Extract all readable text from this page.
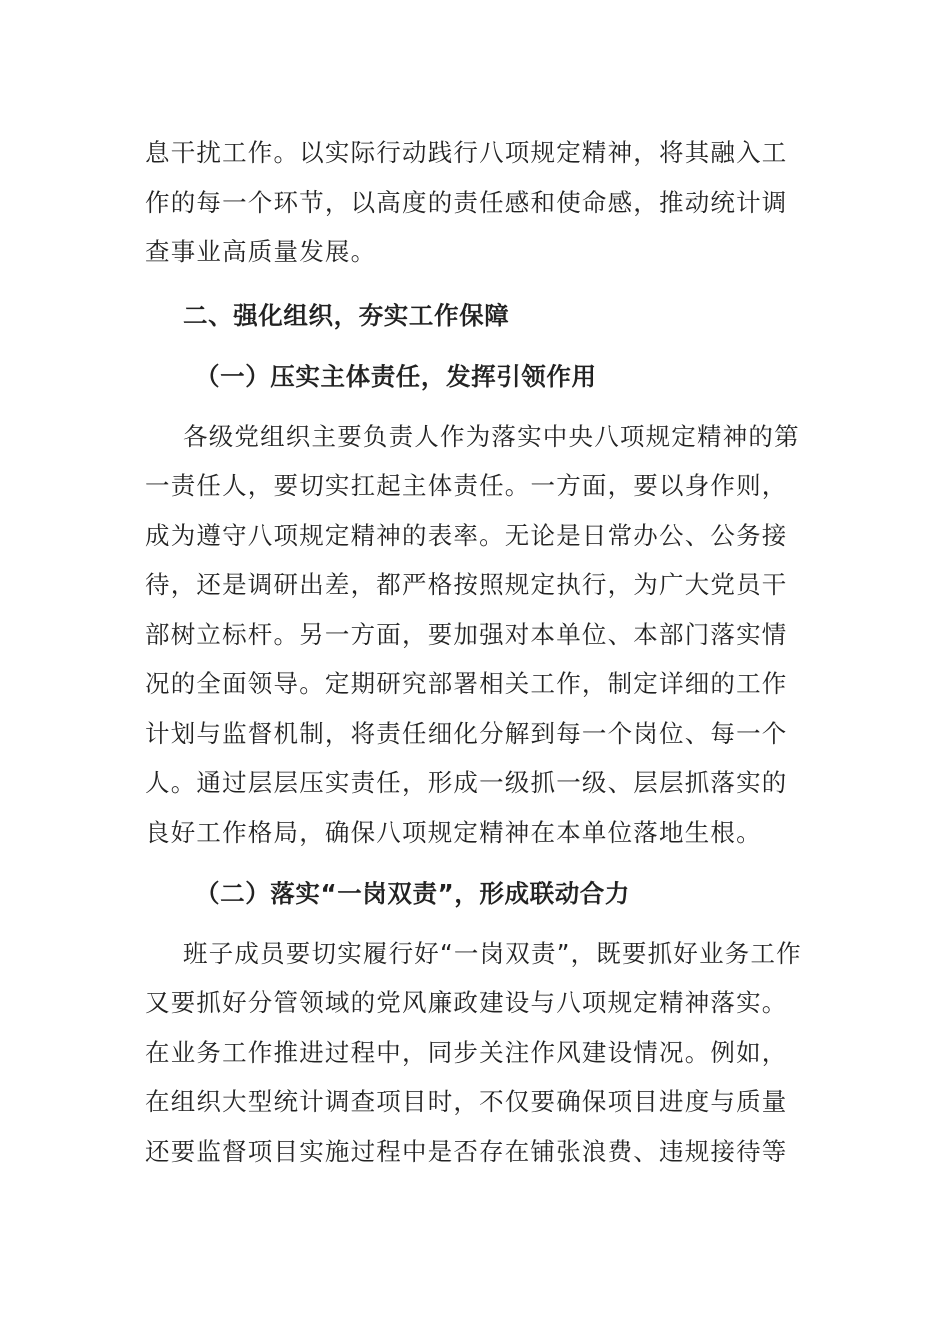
息干扰工作。以实际行动践行八项规定精神，将其融入工
作的每一个环节，以高度的责任感和使命感，推动统计调
查事业高质量发展。
二、强化组织，夯实工作保障
（一）压实主体责任，发挥引领作用
各级党组织主要负责人作为落实中央八项规定精神的第
一责任人，要切实扛起主体责任。一方面，要以身作则，
成为遵守八项规定精神的表率。无论是日常办公、公务接
待，还是调研出差，都严格按照规定执行，为广大党员干
部树立标杆。另一方面，要加强对本单位、本部门落实情
况的全面领导。定期研究部署相关工作，制定详细的工作
计划与监督机制，将责任细化分解到每一个岗位、每一个
人。通过层层压实责任，形成一级抓一级、层层抓落实的
良好工作格局，确保八项规定精神在本单位落地生根。
（二）落实“一岗双责”，形成联动合力
班子成员要切实履行好“一岗双责”，既要抓好业务工作
又要抓好分管领域的党风廉政建设与八项规定精神落实。
在业务工作推进过程中，同步关注作风建设情况。例如，
在组织大型统计调查项目时，不仅要确保项目进度与质量
还要监督项目实施过程中是否存在铺张浪费、违规接待等
